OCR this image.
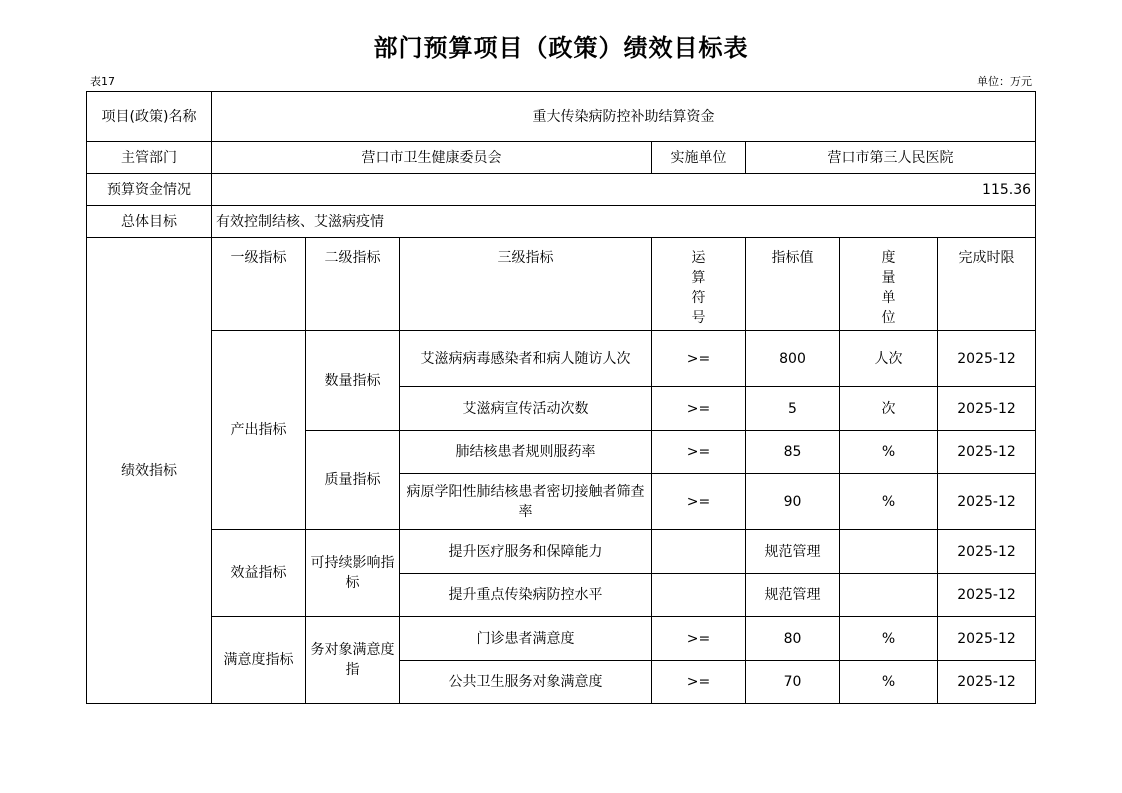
部门预算项目（政策）绩效目标表
表17	单位：万元
项目(政策)名称	重大传染病防控补助结算资金						
主管部门	营口市卫生健康委员会			实施单位	营口市第三人民医院		
预算资金情况	115.36						
总体目标	有效控制结核、艾滋病疫情						
绩效指标	一级指标	二级指标	三级指标	运算符号	指标值	度量单位	完成时限
	产出指标	数量指标	艾滋病病毒感染者和病人随访人次	>=	800	人次	2025-12
			艾滋病宣传活动次数	>=	5	次	2025-12
		质量指标	肺结核患者规则服药率	>=	85	%	2025-12
			病原学阳性肺结核患者密切接触者筛查率	>=	90	%	2025-12
	效益指标	可持续影响指标	提升医疗服务和保障能力		规范管理		2025-12
			提升重点传染病防控水平		规范管理		2025-12
	满意度指标	务对象满意度指	门诊患者满意度	>=	80	%	2025-12
			公共卫生服务对象满意度	>=	70	%	2025-12
